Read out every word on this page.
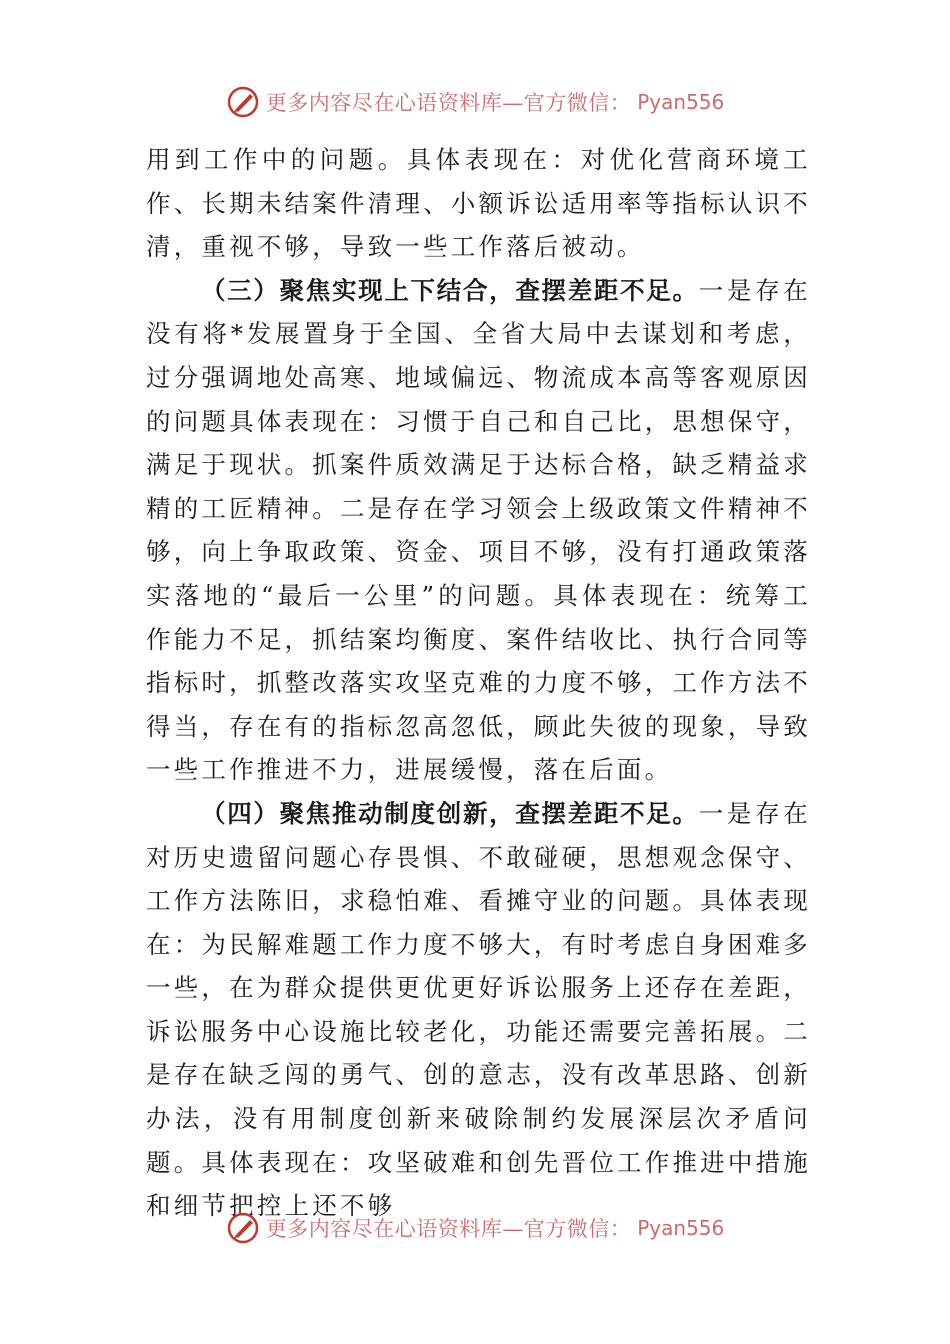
更多内容尽在心语资料库—官方微信： Pyan556

用到工作中的问题。具体表现在：对优化营商环境工作、长期未结案件清理、小额诉讼适用率等指标认识不清，重视不够，导致一些工作落后被动。

（三）聚焦实现上下结合，查摆差距不足。一是存在没有将*发展置身于全国、全省大局中去谋划和考虑，过分强调地处高寒、地域偏远、物流成本高等客观原因的问题具体表现在：习惯于自己和自己比，思想保守，满足于现状。抓案件质效满足于达标合格，缺乏精益求精的工匠精神。二是存在学习领会上级政策文件精神不够，向上争取政策、资金、项目不够，没有打通政策落实落地的“最后一公里”的问题。具体表现在：统筹工作能力不足，抓结案均衡度、案件结收比、执行合同等指标时，抓整改落实攻坚克难的力度不够，工作方法不得当，存在有的指标忽高忽低，顾此失彼的现象，导致一些工作推进不力，进展缓慢，落在后面。

（四）聚焦推动制度创新，查摆差距不足。一是存在对历史遗留问题心存畏惧、不敢碰硬，思想观念保守、工作方法陈旧，求稳怕难、看摊守业的问题。具体表现在：为民解难题工作力度不够大，有时考虑自身困难多一些，在为群众提供更优更好诉讼服务上还存在差距，诉讼服务中心设施比较老化，功能还需要完善拓展。二是存在缺乏闯的勇气、创的意志，没有改革思路、创新办法，没有用制度创新来破除制约发展深层次矛盾问题。具体表现在：攻坚破难和创先晋位工作推进中措施和细节把控上还不够

更多内容尽在心语资料库—官方微信： Pyan556
